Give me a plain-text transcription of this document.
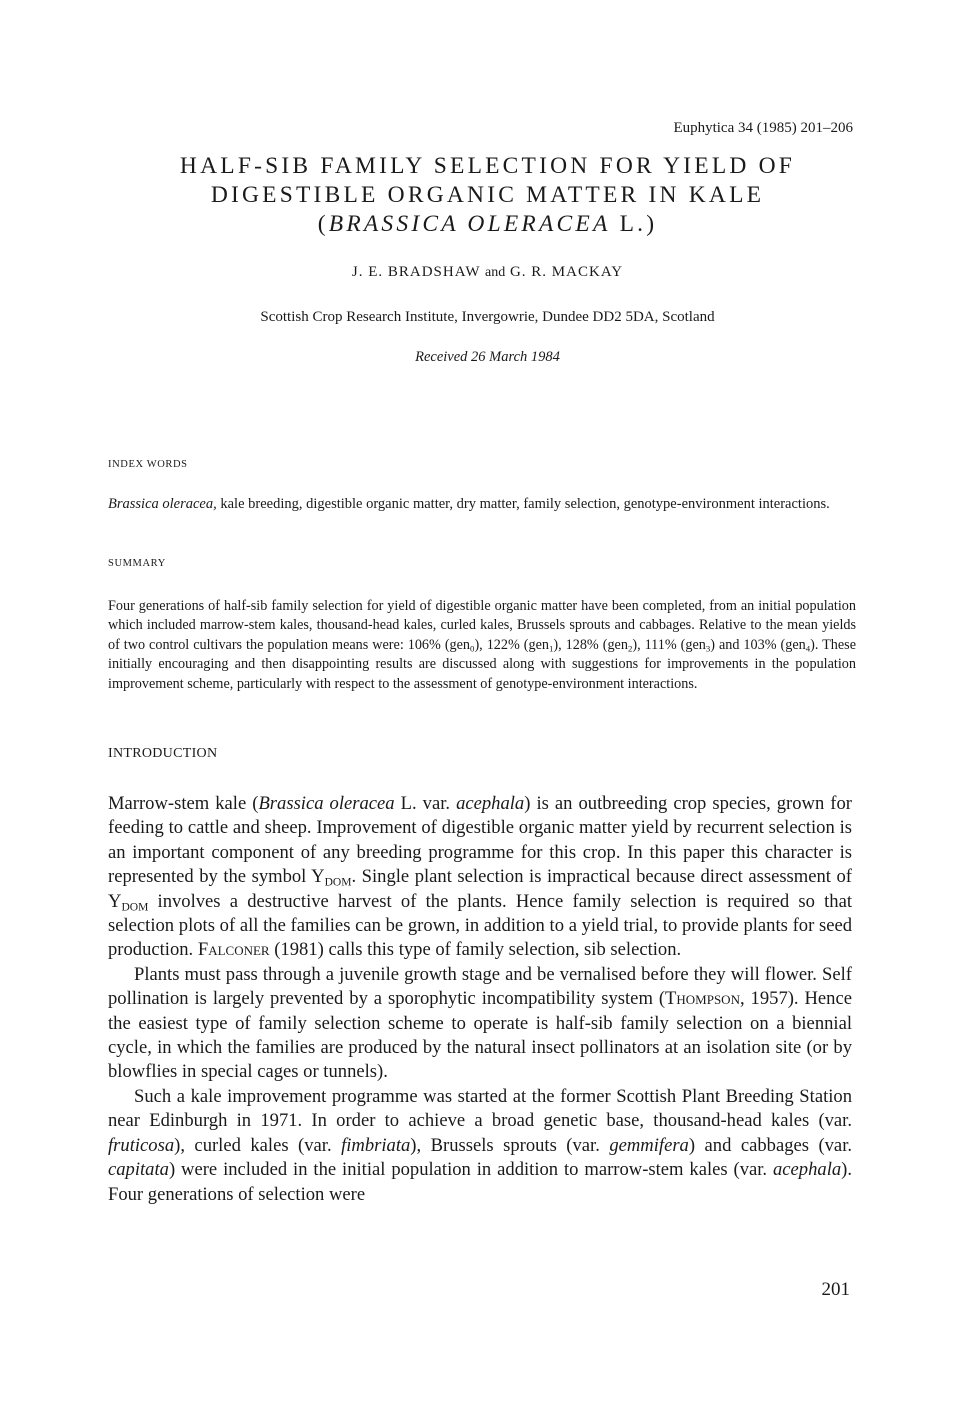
Euphytica 34 (1985) 201–206
HALF-SIB FAMILY SELECTION FOR YIELD OF
DIGESTIBLE ORGANIC MATTER IN KALE
(BRASSICA OLERACEA L.)
J. E. BRADSHAW and G. R. MACKAY
Scottish Crop Research Institute, Invergowrie, Dundee DD2 5DA, Scotland
Received 26 March 1984
INDEX WORDS
Brassica oleracea, kale breeding, digestible organic matter, dry matter, family selection, genotype-environment interactions.
SUMMARY
Four generations of half-sib family selection for yield of digestible organic matter have been completed, from an initial population which included marrow-stem kales, thousand-head kales, curled kales, Brussels sprouts and cabbages. Relative to the mean yields of two control cultivars the population means were: 106% (gen$_0$), 122% (gen$_1$), 128% (gen$_2$), 111% (gen$_3$) and 103% (gen$_4$). These initially encouraging and then disappointing results are discussed along with suggestions for improvements in the population improvement scheme, particularly with respect to the assessment of genotype-environment interactions.
INTRODUCTION

Marrow-stem kale (Brassica oleracea L. var. acephala) is an outbreeding crop species, grown for feeding to cattle and sheep. Improvement of digestible organic matter yield by recurrent selection is an important component of any breeding programme for this crop. In this paper this character is represented by the symbol $Y_{DOM}$. Single plant selection is impractical because direct assessment of $Y_{DOM}$ involves a destructive harvest of the plants. Hence family selection is required so that selection plots of all the families can be grown, in addition to a yield trial, to provide plants for seed production. Falconer (1981) calls this type of family selection, sib selection.

Plants must pass through a juvenile growth stage and be vernalised before they will flower. Self pollination is largely prevented by a sporophytic incompatibility system (Thompson, 1957). Hence the easiest type of family selection scheme to operate is half-sib family selection on a biennial cycle, in which the families are produced by the natural insect pollinators at an isolation site (or by blowflies in special cages or tunnels).

Such a kale improvement programme was started at the former Scottish Plant Breeding Station near Edinburgh in 1971. In order to achieve a broad genetic base, thousand-head kales (var. fruticosa), curled kales (var. fimbriata), Brussels sprouts (var. gemmifera) and cabbages (var. capitata) were included in the initial population in addition to marrow-stem kales (var. acephala). Four generations of selection were

201
